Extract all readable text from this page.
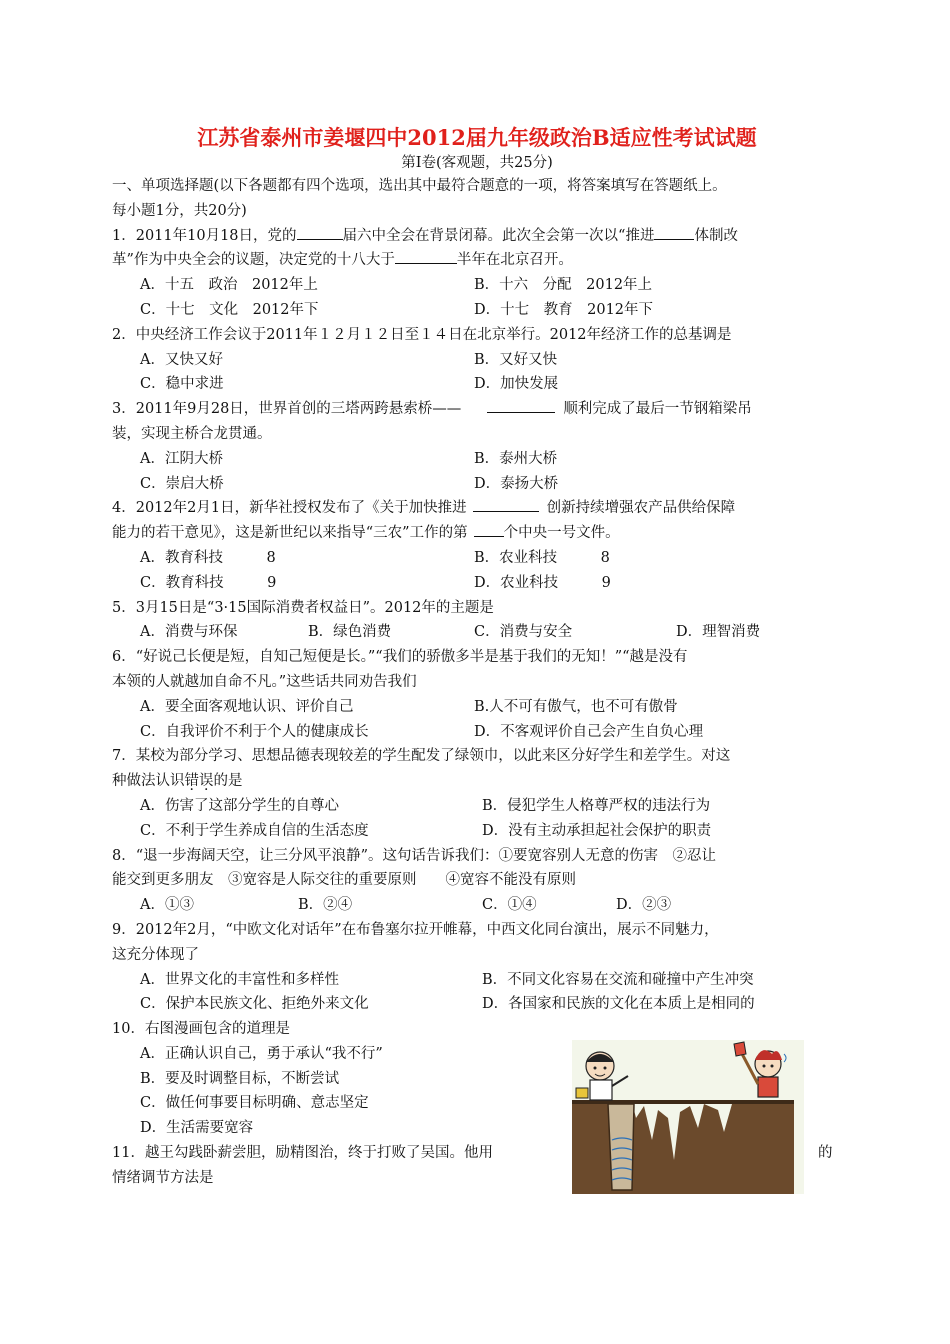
江苏省泰州市姜堰四中2012届九年级政治B适应性考试试题
第Ⅰ卷(客观题，共25分)
一、单项选择题(以下各题都有四个选项，选出其中最符合题意的一项，将答案填写在答题纸上。
每小题1分，共20分)
1．2011年10月18日，党的	届六中全会在背景闭幕。此次全会第一次以“推进	体制改
革”作为中央全会的议题，决定党的十八大于	半年在北京召开。
A．十五　政治　2012年上	B．十六　分配　2012年上
C．十七　文化　2012年下	D．十七　教育　2012年下
2．中央经济工作会议于2011年１２月１２日至１４日在北京举行。2012年经济工作的总基调是
A．又快又好	B．又好又快
C．稳中求进	D．加快发展
3．2011年9月28日，世界首创的三塔两跨悬索桥——	顺利完成了最后一节钢箱梁吊
装，实现主桥合龙贯通。
A．江阴大桥	B．泰州大桥
C．崇启大桥	D．泰扬大桥
4．2012年2月1日，新华社授权发布了《关于加快推进	创新持续增强农产品供给保障
能力的若干意见》，这是新世纪以来指导“三农”工作的第 个中央一号文件。
A．教育科技　　　8	B．农业科技　　　8
C．教育科技　　　9	D．农业科技　　　9
5．3月15日是“3·15国际消费者权益日”。2012年的主题是
A．消费与环保	B．绿色消费	C．消费与安全	D．理智消费
6．“好说己长便是短，自知己短便是长。”“我们的骄傲多半是基于我们的无知！”“越是没有
本领的人就越加自命不凡。”这些话共同劝告我们
A．要全面客观地认识、评价自己	B.人不可有傲气，也不可有傲骨
C．自我评价不利于个人的健康成长	D．不客观评价自己会产生自负心理
7．某校为部分学习、思想品德表现较差的学生配发了绿领巾，以此来区分好学生和差学生。对这
种做法认识错误的是
A．伤害了这部分学生的自尊心	B．侵犯学生人格尊严权的违法行为
C．不利于学生养成自信的生活态度	D．没有主动承担起社会保护的职责
8．“退一步海阔天空，让三分风平浪静”。这句话告诉我们：①要宽容别人无意的伤害　②忍让
能交到更多朋友　③宽容是人际交往的重要原则　　④宽容不能没有原则
A．①③	B．②④	C．①④	D．②③
9．2012年2月，“中欧文化对话年”在布鲁塞尔拉开帷幕，中西文化同台演出，展示不同魅力，
这充分体现了
A．世界文化的丰富性和多样性	B．不同文化容易在交流和碰撞中产生冲突
C．保护本民族文化、拒绝外来文化	D．各国家和民族的文化在本质上是相同的
10．右图漫画包含的道理是
A．正确认识自己，勇于承认“我不行”
B．要及时调整目标，不断尝试
C．做任何事要目标明确、意志坚定
D．生活需要宽容
11．越王勾践卧薪尝胆，励精图治，终于打败了吴国。他用	的
情绪调节方法是
